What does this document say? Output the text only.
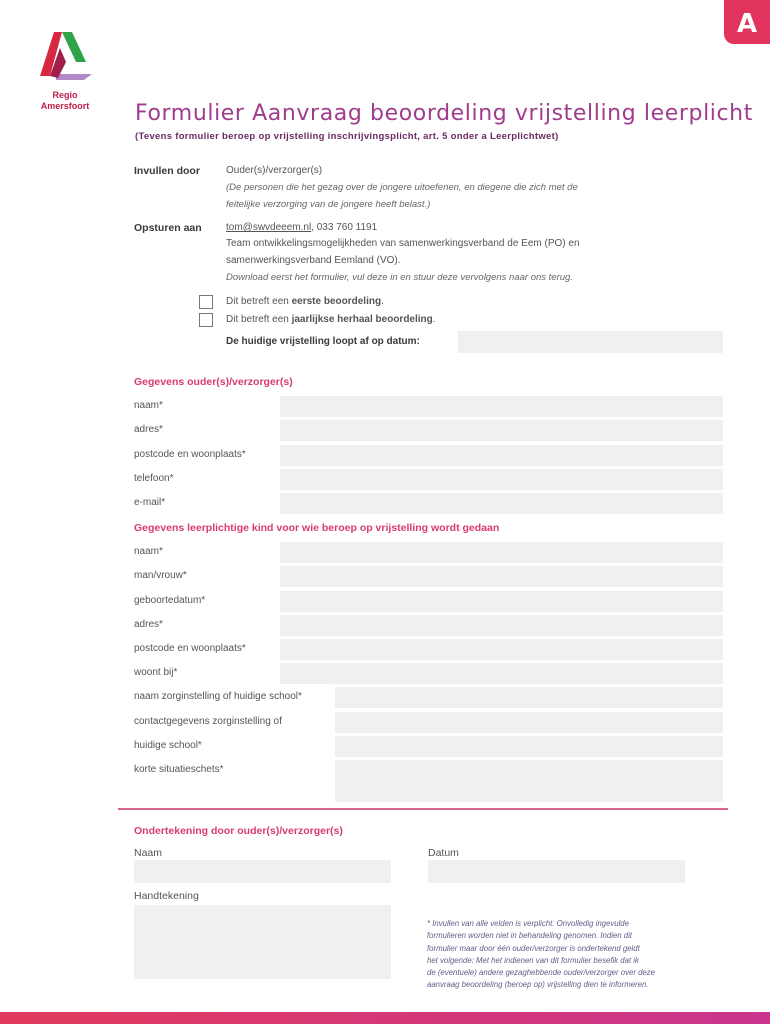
A
Regio
Amersfoort	Formulier Aanvraag beoordeling vrijstelling leerplicht
(Tevens formulier beroep op vrijstelling inschrijvingsplicht, art. 5 onder a Leerplichtwet)
Invullen door	Ouder(s)/verzorger(s)
(De personen die het gezag over de jongere uitoefenen, en diegene die zich met de
feitelijke verzorging van de jongere heeft belast.)
Opsturen aan tom@swvdeeem.nl, 033 760 1191
Team ontwikkelingsmogelijkheden van samenwerkingsverband de Eem (PO) en
samenwerkingsverband Eemland (VO).
Download eerst het formulier, vul deze in en stuur deze vervolgens naar ons terug.
Dit betreft een eerste beoordeling.
Dit betreft een jaarlijkse herhaal beoordeling.
De huidige vrijstelling loopt af op datum:
Gegevens ouder(s)/verzorger(s)
naam*
adres*
postcode en woonplaats*
telefoon*
e-mail*
Gegevens leerplichtige kind voor wie beroep op vrijstelling wordt gedaan
naam*
man/vrouw*
geboortedatum*
adres*
postcode en woonplaats*
woont bij*
naam zorginstelling of huidige school*
contactgegevens zorginstelling of
huidige school*
korte situatieschets*
Ondertekening door ouder(s)/verzorger(s)
Naam	Datum
Handtekening
* Invullen van alle velden is verplicht. Onvolledig ingevulde
formulieren worden niet in behandeling genomen. Indien dit
formulier maar door één ouder/verzorger is ondertekend geldt
het volgende: Met het indienen van dit formulier besefik dat ik
de (eventuele) andere gezaghebbende ouder/verzorger over deze
aanvraag beoordeling (beroep op) vrijstelling dien te informeren.
